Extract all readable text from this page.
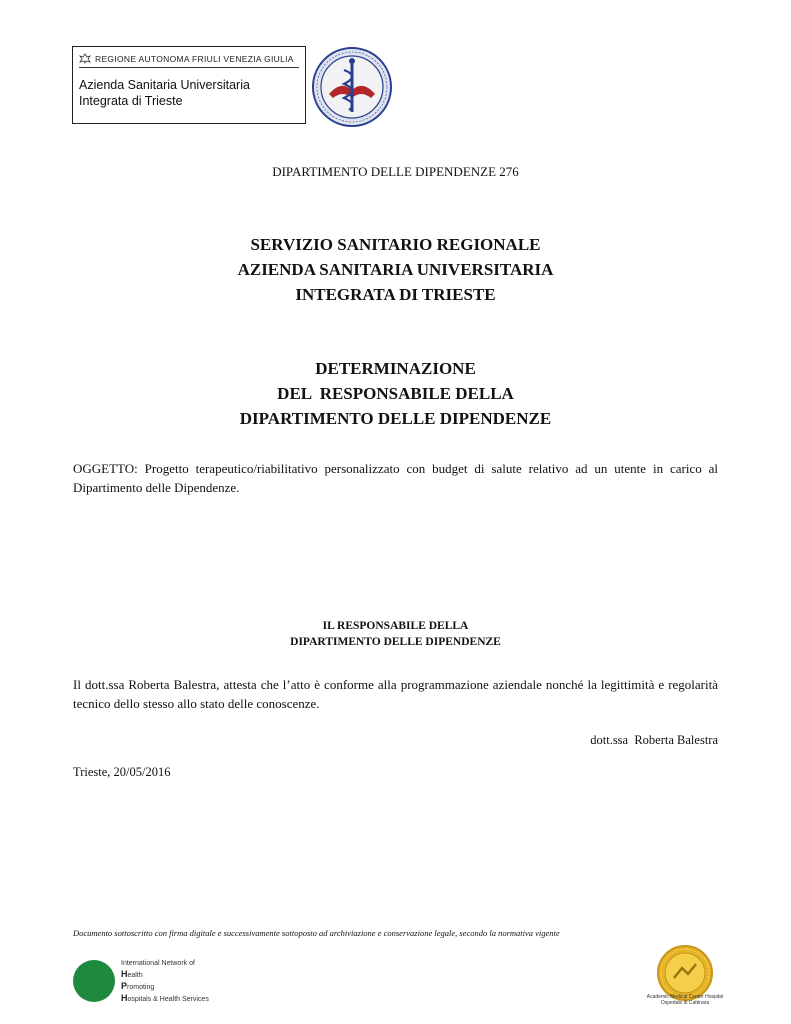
REGIONE AUTONOMA FRIULI VENEZIA GIULIA
Azienda Sanitaria Universitaria
Integrata di Trieste
DIPARTIMENTO DELLE DIPENDENZE 276
SERVIZIO SANITARIO REGIONALE
AZIENDA SANITARIA UNIVERSITARIA
INTEGRATA DI TRIESTE
DETERMINAZIONE
DEL  RESPONSABILE DELLA
DIPARTIMENTO DELLE DIPENDENZE
OGGETTO: Progetto terapeutico/riabilitativo personalizzato con budget di salute relativo ad un utente in carico al Dipartimento delle Dipendenze.
IL RESPONSABILE DELLA
DIPARTIMENTO DELLE DIPENDENZE
Il dott.ssa Roberta Balestra, attesta che l’atto è conforme alla programmazione aziendale nonché la legittimità e regolarità tecnico dello stesso allo stato delle conoscenze.
dott.ssa  Roberta Balestra
Trieste, 20/05/2016
Documento sottoscritto con firma digitale e successivamente sottoposto ad archiviazione e conservazione legale, secondo la normativa vigente
International Network of
Health
Promoting
Hospitals & Health Services	Academic Medical Center Hospital
Ospedale di Cattinara
